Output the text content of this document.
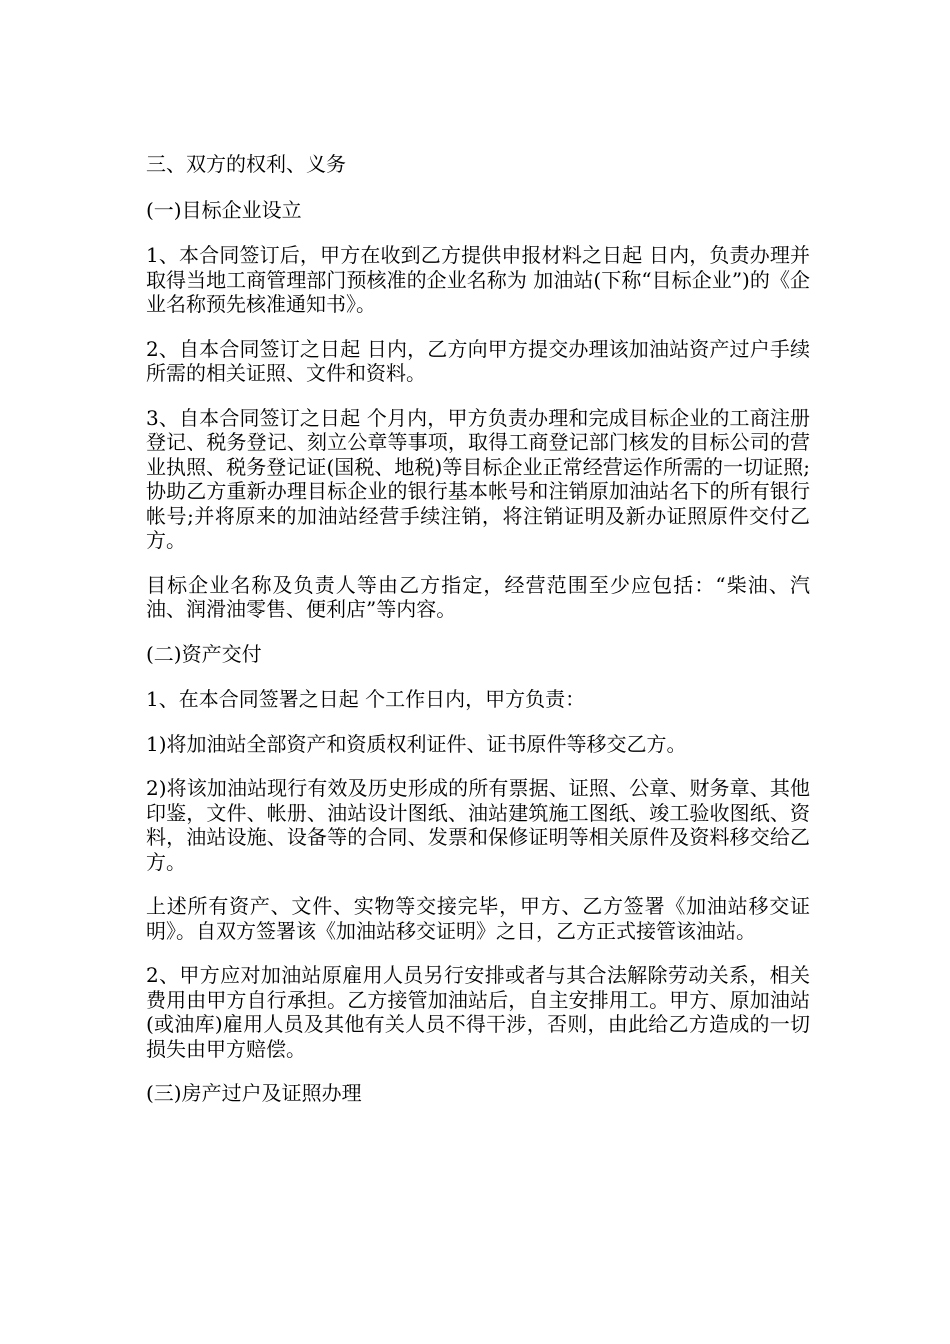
三、双方的权利、义务

(一)目标企业设立

1、本合同签订后，甲方在收到乙方提供申报材料之日起 日内，负责办理并取得当地工商管理部门预核准的企业名称为 加油站(下称“目标企业”)的《企业名称预先核准通知书》。

2、自本合同签订之日起 日内，乙方向甲方提交办理该加油站资产过户手续所需的相关证照、文件和资料。

3、自本合同签订之日起 个月内，甲方负责办理和完成目标企业的工商注册登记、税务登记、刻立公章等事项，取得工商登记部门核发的目标公司的营业执照、税务登记证(国税、地税)等目标企业正常经营运作所需的一切证照;协助乙方重新办理目标企业的银行基本帐号和注销原加油站名下的所有银行帐号;并将原来的加油站经营手续注销，将注销证明及新办证照原件交付乙方。

目标企业名称及负责人等由乙方指定，经营范围至少应包括：“柴油、汽油、润滑油零售、便利店”等内容。

(二)资产交付

1、在本合同签署之日起 个工作日内，甲方负责：

1)将加油站全部资产和资质权利证件、证书原件等移交乙方。

2)将该加油站现行有效及历史形成的所有票据、证照、公章、财务章、其他印鉴，文件、帐册、油站设计图纸、油站建筑施工图纸、竣工验收图纸、资料，油站设施、设备等的合同、发票和保修证明等相关原件及资料移交给乙方。

上述所有资产、文件、实物等交接完毕，甲方、乙方签署《加油站移交证明》。自双方签署该《加油站移交证明》之日，乙方正式接管该油站。

2、甲方应对加油站原雇用人员另行安排或者与其合法解除劳动关系，相关费用由甲方自行承担。乙方接管加油站后，自主安排用工。甲方、原加油站(或油库)雇用人员及其他有关人员不得干涉，否则，由此给乙方造成的一切损失由甲方赔偿。

(三)房产过户及证照办理
